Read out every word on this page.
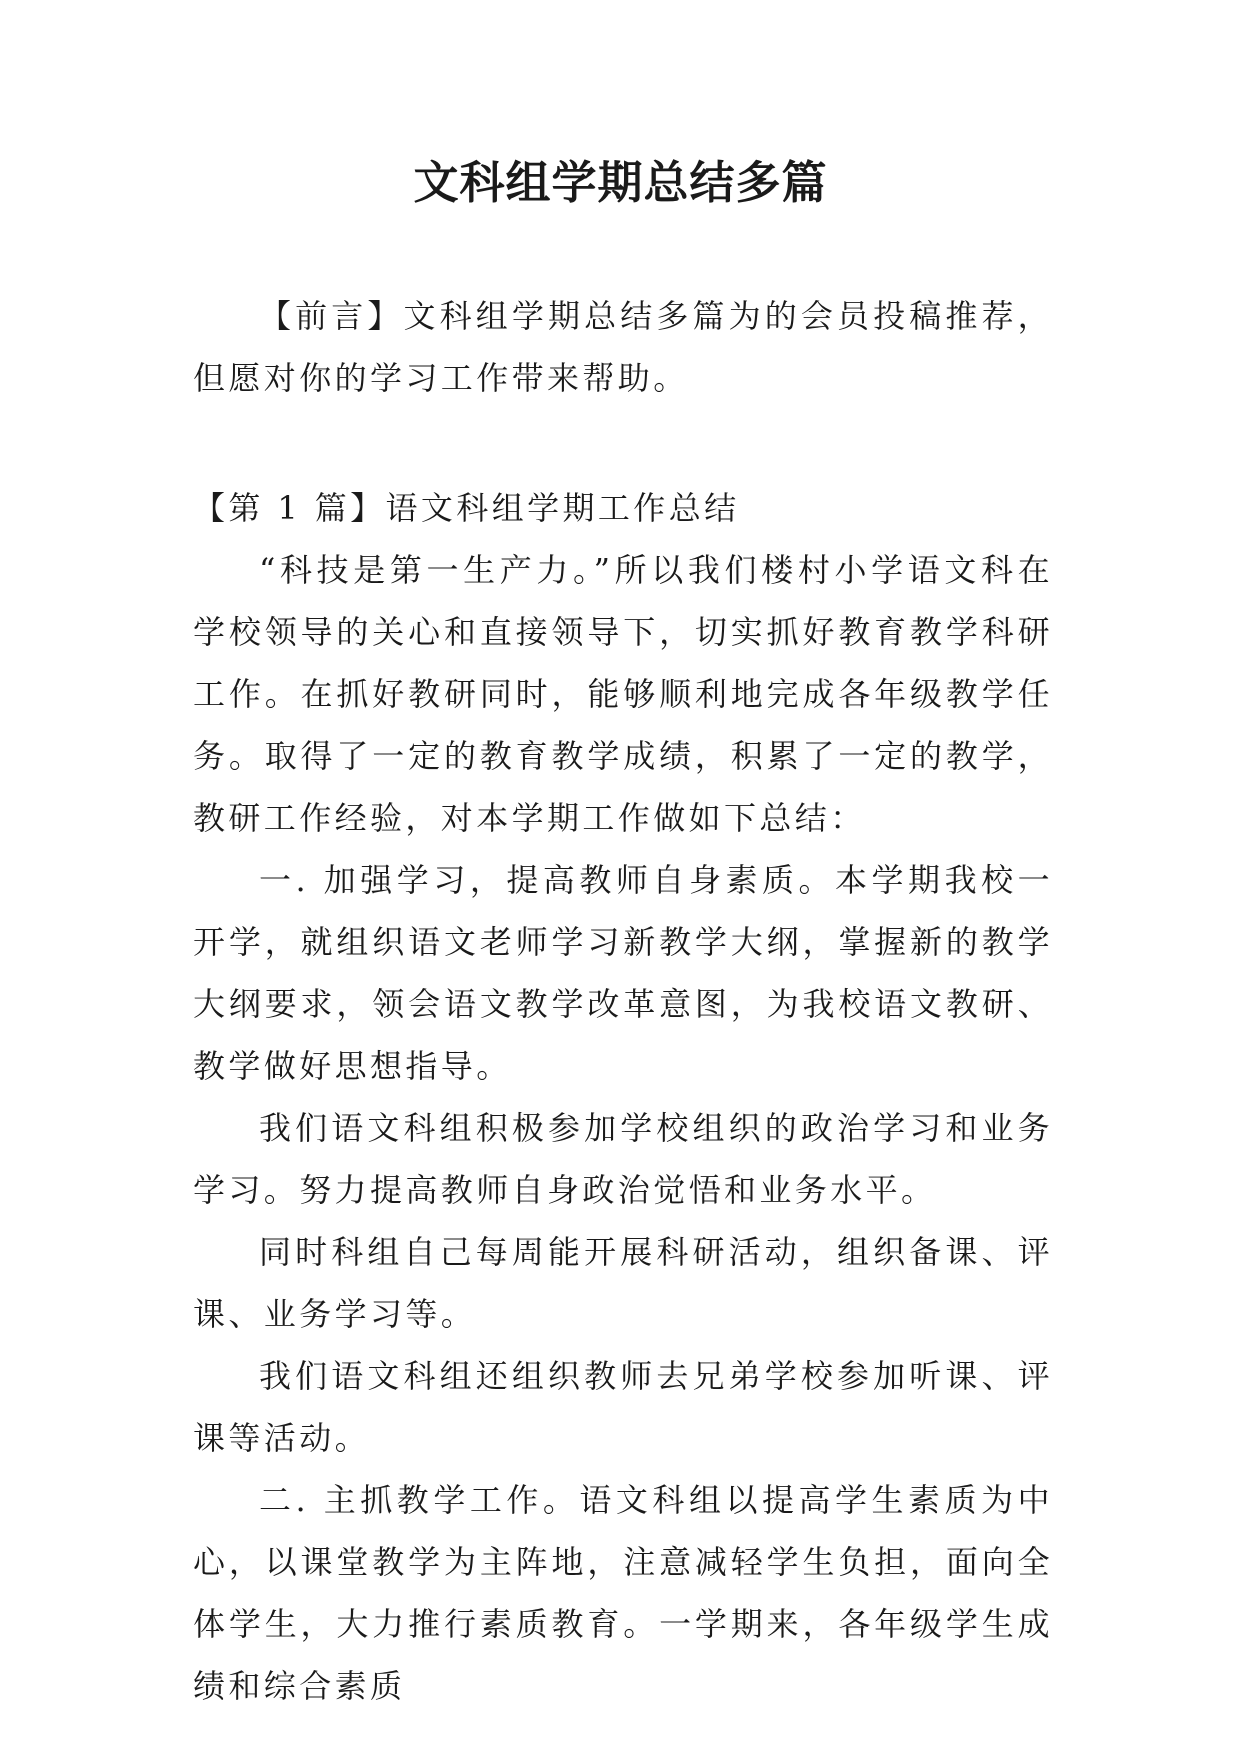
文科组学期总结多篇

【前言】文科组学期总结多篇为的会员投稿推荐，但愿对你的学习工作带来帮助。

【第 1 篇】语文科组学期工作总结

“科技是第一生产力。”所以我们楼村小学语文科在学校领导的关心和直接领导下，切实抓好教育教学科研工作。在抓好教研同时，能够顺利地完成各年级教学任务。取得了一定的教育教学成绩，积累了一定的教学，教研工作经验，对本学期工作做如下总结：

一. 加强学习，提高教师自身素质。本学期我校一开学，就组织语文老师学习新教学大纲，掌握新的教学大纲要求，领会语文教学改革意图，为我校语文教研、教学做好思想指导。

我们语文科组积极参加学校组织的政治学习和业务学习。努力提高教师自身政治觉悟和业务水平。

同时科组自己每周能开展科研活动，组织备课、评课、业务学习等。

我们语文科组还组织教师去兄弟学校参加听课、评课等活动。

二. 主抓教学工作。语文科组以提高学生素质为中心，以课堂教学为主阵地，注意减轻学生负担，面向全体学生，大力推行素质教育。一学期来，各年级学生成绩和综合素质
